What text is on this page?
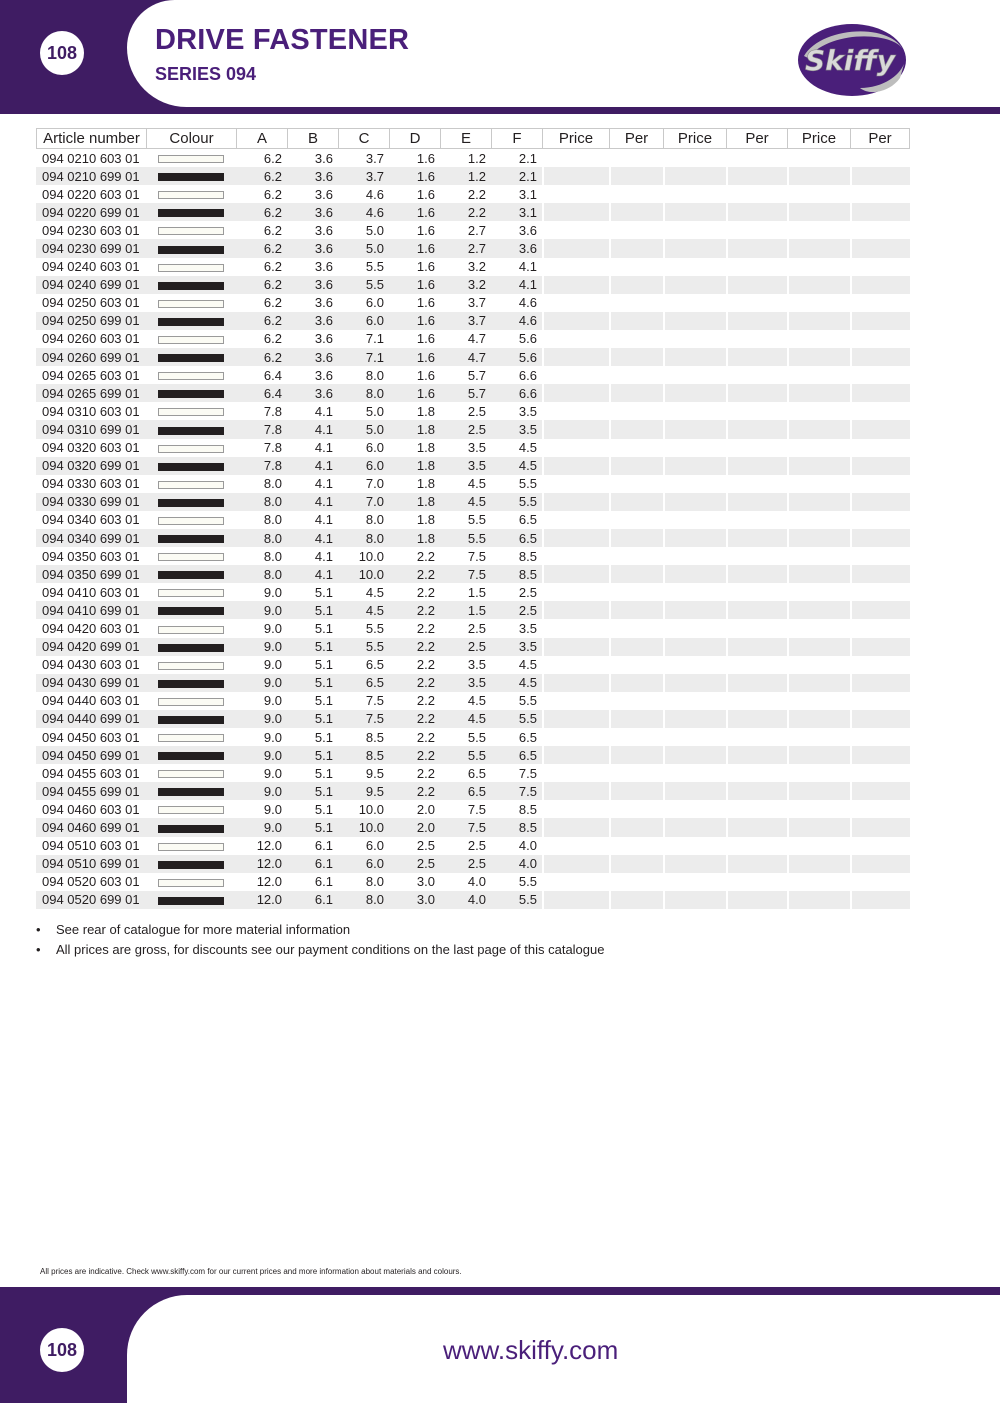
108	DRIVE FASTENER
SERIES 094	Skiffy
Article number	Colour	A	B	C	D	E	F	Price	Per	Price	Per	Price	Per
094 0210 603 01		6.2	3.6	3.7	1.6	1.2	2.1						
094 0210 699 01		6.2	3.6	3.7	1.6	1.2	2.1						
094 0220 603 01		6.2	3.6	4.6	1.6	2.2	3.1						
094 0220 699 01		6.2	3.6	4.6	1.6	2.2	3.1						
094 0230 603 01		6.2	3.6	5.0	1.6	2.7	3.6						
094 0230 699 01		6.2	3.6	5.0	1.6	2.7	3.6						
094 0240 603 01		6.2	3.6	5.5	1.6	3.2	4.1						
094 0240 699 01		6.2	3.6	5.5	1.6	3.2	4.1						
094 0250 603 01		6.2	3.6	6.0	1.6	3.7	4.6						
094 0250 699 01		6.2	3.6	6.0	1.6	3.7	4.6						
094 0260 603 01		6.2	3.6	7.1	1.6	4.7	5.6						
094 0260 699 01		6.2	3.6	7.1	1.6	4.7	5.6						
094 0265 603 01		6.4	3.6	8.0	1.6	5.7	6.6						
094 0265 699 01		6.4	3.6	8.0	1.6	5.7	6.6						
094 0310 603 01		7.8	4.1	5.0	1.8	2.5	3.5						
094 0310 699 01		7.8	4.1	5.0	1.8	2.5	3.5						
094 0320 603 01		7.8	4.1	6.0	1.8	3.5	4.5						
094 0320 699 01		7.8	4.1	6.0	1.8	3.5	4.5						
094 0330 603 01		8.0	4.1	7.0	1.8	4.5	5.5						
094 0330 699 01		8.0	4.1	7.0	1.8	4.5	5.5						
094 0340 603 01		8.0	4.1	8.0	1.8	5.5	6.5						
094 0340 699 01		8.0	4.1	8.0	1.8	5.5	6.5						
094 0350 603 01		8.0	4.1	10.0	2.2	7.5	8.5						
094 0350 699 01		8.0	4.1	10.0	2.2	7.5	8.5						
094 0410 603 01		9.0	5.1	4.5	2.2	1.5	2.5						
094 0410 699 01		9.0	5.1	4.5	2.2	1.5	2.5						
094 0420 603 01		9.0	5.1	5.5	2.2	2.5	3.5						
094 0420 699 01		9.0	5.1	5.5	2.2	2.5	3.5						
094 0430 603 01		9.0	5.1	6.5	2.2	3.5	4.5						
094 0430 699 01		9.0	5.1	6.5	2.2	3.5	4.5						
094 0440 603 01		9.0	5.1	7.5	2.2	4.5	5.5						
094 0440 699 01		9.0	5.1	7.5	2.2	4.5	5.5						
094 0450 603 01		9.0	5.1	8.5	2.2	5.5	6.5						
094 0450 699 01		9.0	5.1	8.5	2.2	5.5	6.5						
094 0455 603 01		9.0	5.1	9.5	2.2	6.5	7.5						
094 0455 699 01		9.0	5.1	9.5	2.2	6.5	7.5						
094 0460 603 01		9.0	5.1	10.0	2.0	7.5	8.5						
094 0460 699 01		9.0	5.1	10.0	2.0	7.5	8.5						
094 0510 603 01		12.0	6.1	6.0	2.5	2.5	4.0						
094 0510 699 01		12.0	6.1	6.0	2.5	2.5	4.0						
094 0520 603 01		12.0	6.1	8.0	3.0	4.0	5.5						
094 0520 699 01		12.0	6.1	8.0	3.0	4.0	5.5						
• See rear of catalogue for more material information
• All prices are gross, for discounts see our payment conditions on the last page of this catalogue
All prices are indicative. Check www.skiffy.com for our current prices and more information about materials and colours.
108	www.skiffy.com
